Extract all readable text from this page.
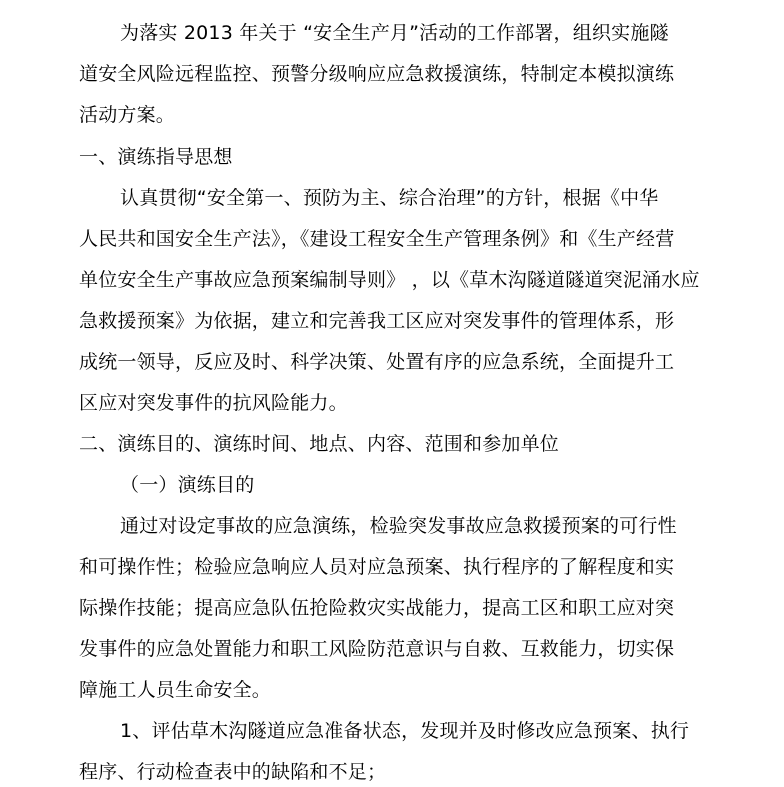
为落实 2013 年关于 “安全生产月”活动的工作部署，组织实施隧
道安全风险远程监控、预警分级响应应急救援演练，特制定本模拟演练
活动方案。
一、演练指导思想
认真贯彻“安全第一、预防为主、综合治理”的方针，根据《中华
人民共和国安全生产法》，《建设工程安全生产管理条例》和《生产经营
单位安全生产事故应急预案编制导则》 ，以《草木沟隧道隧道突泥涌水应
急救援预案》为依据，建立和完善我工区应对突发事件的管理体系，形
成统一领导，反应及时、科学决策、处置有序的应急系统，全面提升工
区应对突发事件的抗风险能力。
二、演练目的、演练时间、地点、内容、范围和参加单位
（一）演练目的
通过对设定事故的应急演练，检验突发事故应急救援预案的可行性
和可操作性；检验应急响应人员对应急预案、执行程序的了解程度和实
际操作技能；提高应急队伍抢险救灾实战能力，提高工区和职工应对突
发事件的应急处置能力和职工风险防范意识与自救、互救能力，切实保
障施工人员生命安全。
1、评估草木沟隧道应急准备状态，发现并及时修改应急预案、执行
程序、行动检查表中的缺陷和不足；
